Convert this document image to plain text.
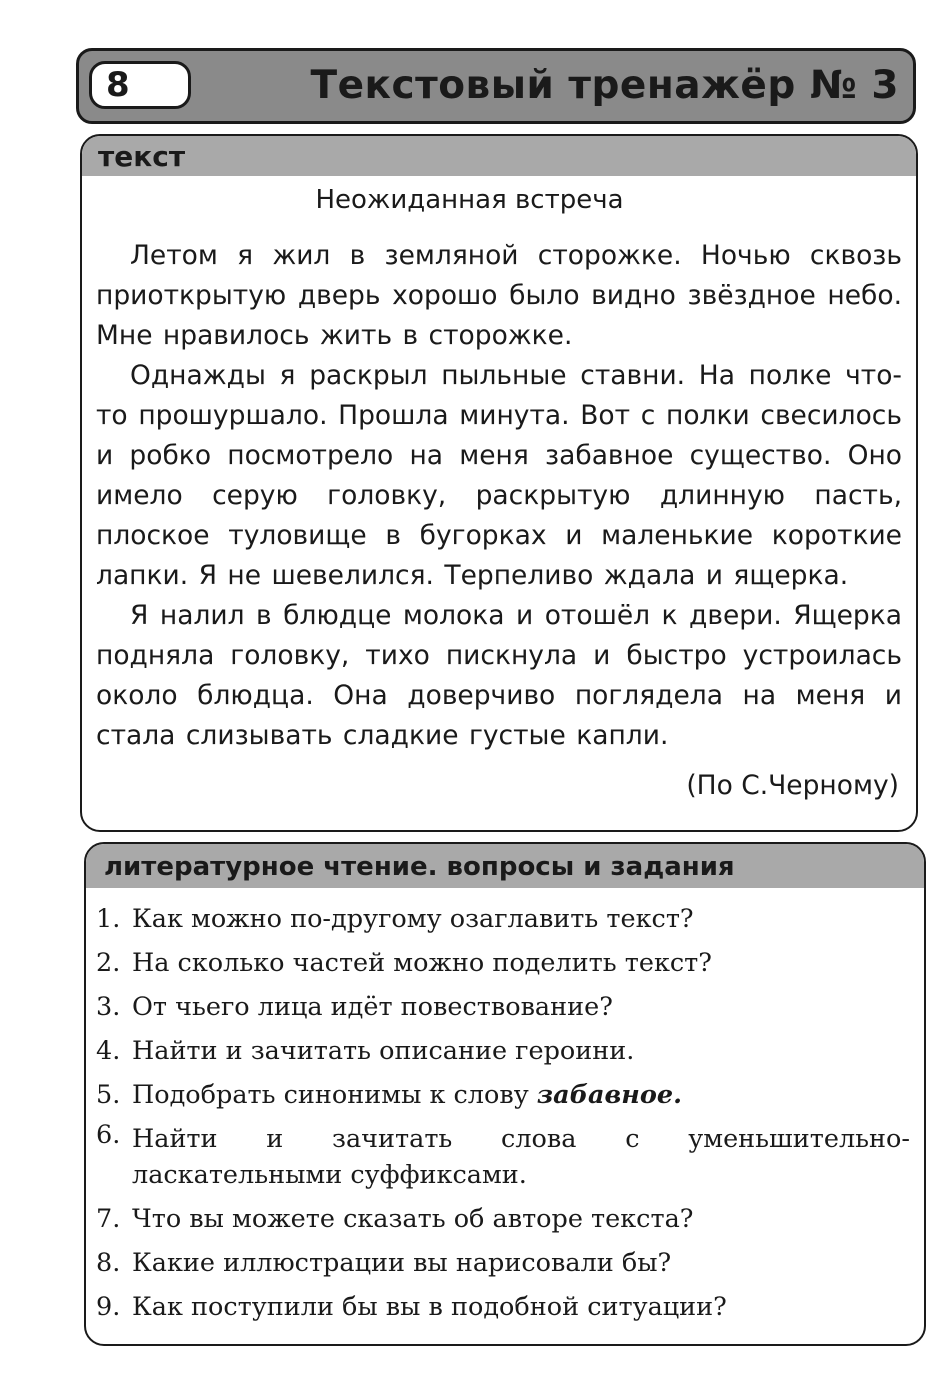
8	Текстовый тренажёр № 3
текст
Неожиданная встреча

Летом я жил в земляной сторожке. Ночью сквозь приоткрытую дверь хорошо было видно звёздное небо. Мне нравилось жить в сторожке.

Однажды я раскрыл пыльные ставни. На полке что-то прошуршало. Прошла минута. Вот с полки свесилось и робко посмотрело на меня забавное существо. Оно имело серую головку, раскрытую длинную пасть, плоское туловище в бугорках и маленькие короткие лапки. Я не шевелился. Терпеливо ждала и ящерка.

Я налил в блюдце молока и отошёл к двери. Ящерка подняла головку, тихо пискнула и быстро устроилась около блюдца. Она доверчиво поглядела на меня и стала слизывать сладкие густые капли.

(По С.Черному)
литературное чтение. вопросы и задания
1. Как можно по-другому озаглавить текст?
2. На сколько частей можно поделить текст?
3. От чьего лица идёт повествование?
4. Найти и зачитать описание героини.
5. Подобрать синонимы к слову забавное.
6. Найти и зачитать слова с уменьшительно-ласкательными суффиксами.
7. Что вы можете сказать об авторе текста?
8. Какие иллюстрации вы нарисовали бы?
9. Как поступили бы вы в подобной ситуации?
